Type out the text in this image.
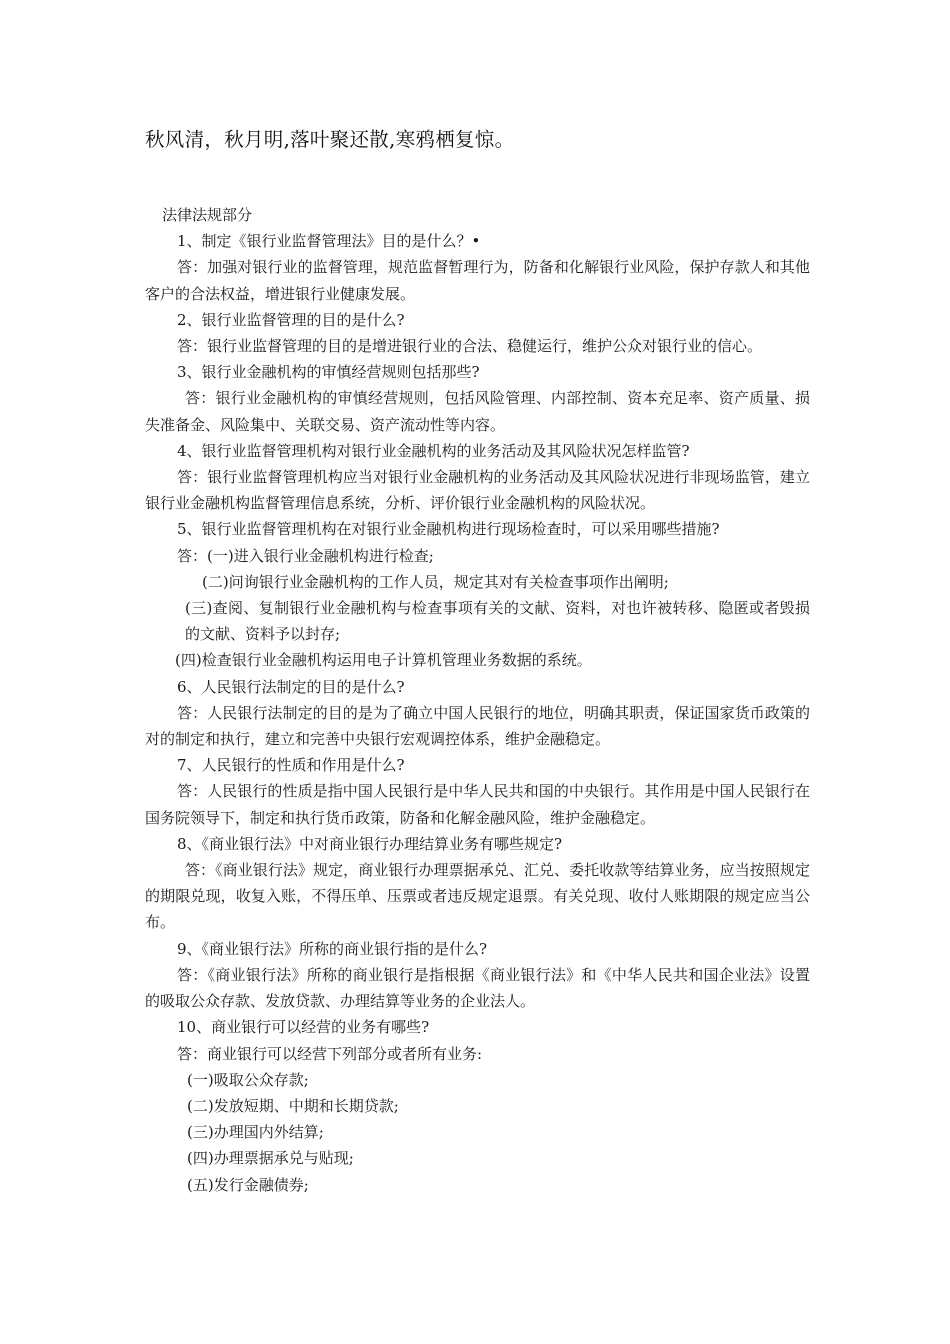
秋风清，秋月明,落叶聚还散,寒鸦栖复惊。

法律法规部分

1、制定《银行业监督管理法》目的是什么？•

答：加强对银行业的监督管理，规范监督暂理行为，防备和化解银行业风险，保护存款人和其他客户的合法权益，增进银行业健康发展。

2、银行业监督管理的目的是什么?

答：银行业监督管理的目的是增进银行业的合法、稳健运行，维护公众对银行业的信心。

3、银行业金融机构的审慎经营规则包括那些?

答：银行业金融机构的审慎经营规则，包括风险管理、内部控制、资本充足率、资产质量、损失准备金、风险集中、关联交易、资产流动性等内容。

4、银行业监督管理机构对银行业金融机构的业务活动及其风险状况怎样监管?

答：银行业监督管理机构应当对银行业金融机构的业务活动及其风险状况进行非现场监管，建立银行业金融机构监督管理信息系统，分析、评价银行业金融机构的风险状况。

5、银行业监督管理机构在对银行业金融机构进行现场检查时，可以采用哪些措施?

答：(一)进入银行业金融机构进行检查;

(二)问询银行业金融机构的工作人员，规定其对有关检查事项作出阐明;

(三)查阅、复制银行业金融机构与检查事项有关的文献、资料，对也许被转移、隐匿或者毁损的文献、资料予以封存;

(四)检查银行业金融机构运用电子计算机管理业务数据的系统。

6、人民银行法制定的目的是什么?

答：人民银行法制定的目的是为了确立中国人民银行的地位，明确其职责，保证国家货币政策的对的制定和执行，建立和完善中央银行宏观调控体系，维护金融稳定。

7、人民银行的性质和作用是什么?

答：人民银行的性质是指中国人民银行是中华人民共和国的中央银行。其作用是中国人民银行在国务院领导下，制定和执行货币政策，防备和化解金融风险，维护金融稳定。

8、《商业银行法》中对商业银行办理结算业务有哪些规定?

答：《商业银行法》规定，商业银行办理票据承兑、汇兑、委托收款等结算业务，应当按照规定的期限兑现，收复入账，不得压单、压票或者违反规定退票。有关兑现、收付人账期限的规定应当公布。

9、《商业银行法》所称的商业银行指的是什么?

答：《商业银行法》所称的商业银行是指根据《商业银行法》和《中华人民共和国企业法》设置的吸取公众存款、发放贷款、办理结算等业务的企业法人。

10、商业银行可以经营的业务有哪些?

答：商业银行可以经营下列部分或者所有业务:

(一)吸取公众存款;

(二)发放短期、中期和长期贷款;

(三)办理国内外结算;

(四)办理票据承兑与贴现;

(五)发行金融债券;
